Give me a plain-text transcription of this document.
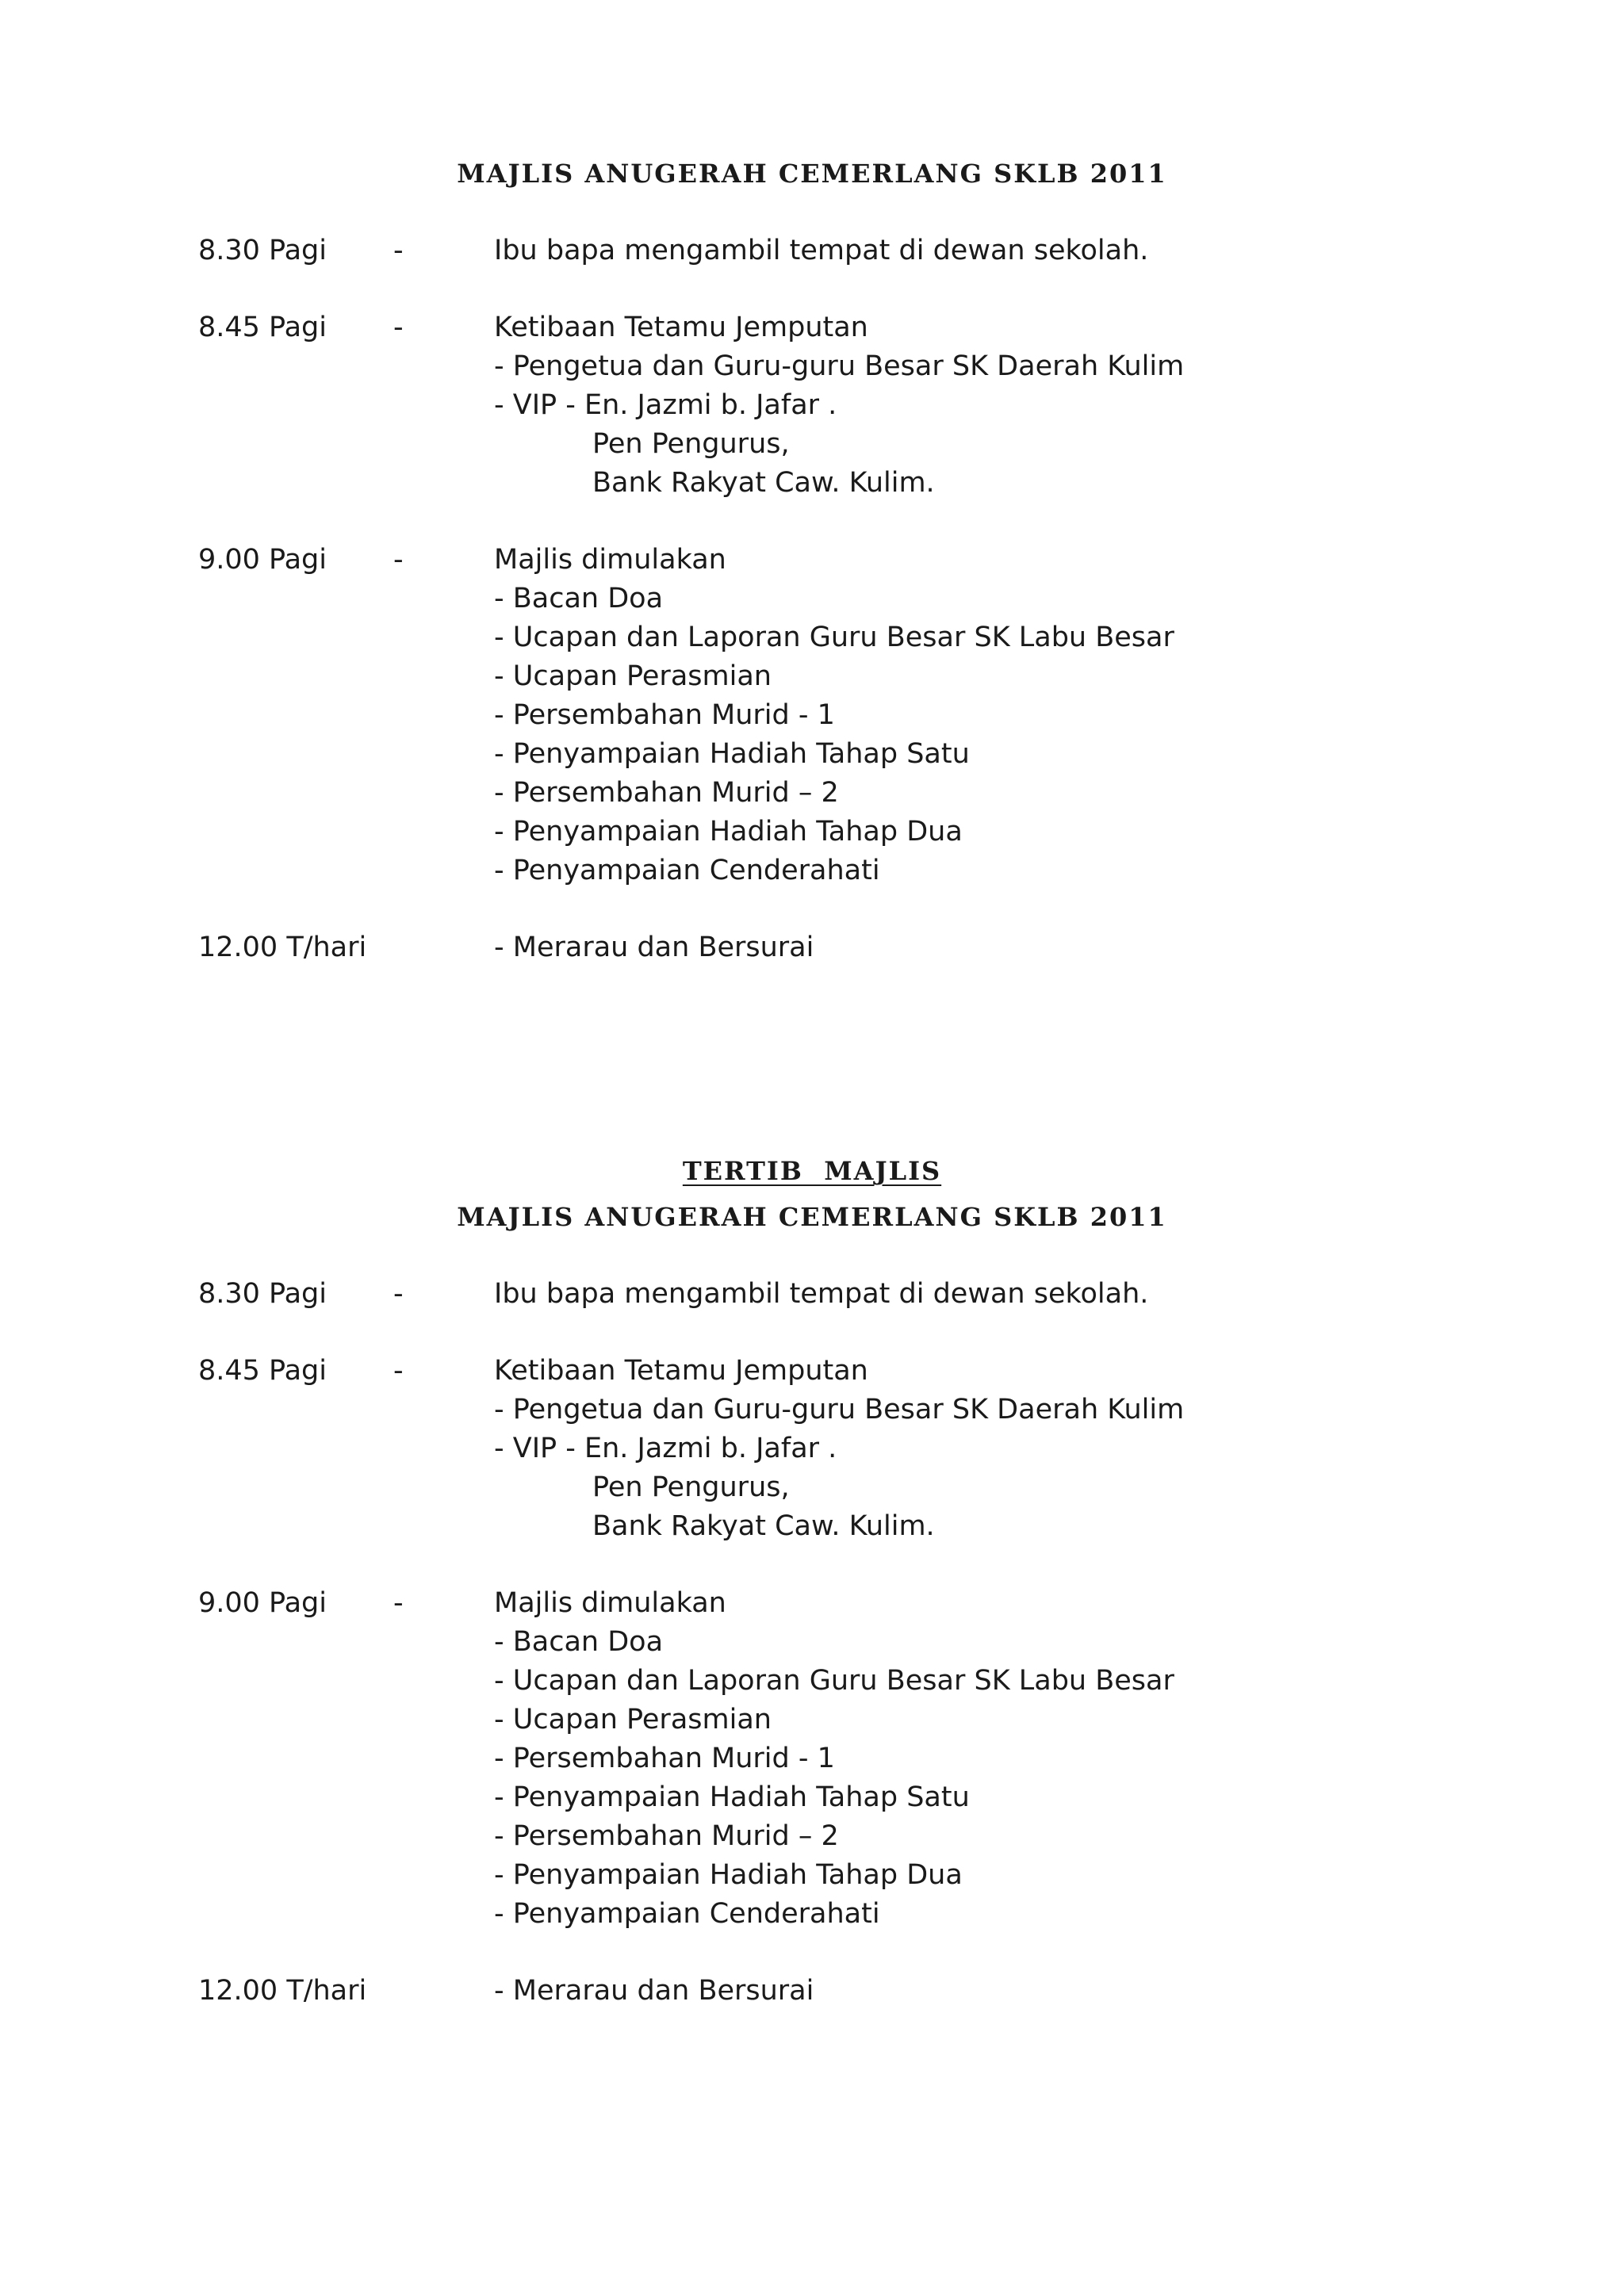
MAJLIS ANUGERAH CEMERLANG SKLB 2011
8.30 Pagi	-	Ibu bapa mengambil tempat di dewan sekolah.
8.45 Pagi	-	Ketibaan Tetamu Jemputan
- Pengetua dan Guru-guru Besar SK Daerah Kulim
- VIP - En. Jazmi b. Jafar .
Pen Pengurus,
Bank Rakyat Caw. Kulim.
9.00 Pagi	-	Majlis dimulakan
- Bacan Doa
- Ucapan dan Laporan Guru Besar SK Labu Besar
- Ucapan Perasmian
- Persembahan Murid - 1
- Penyampaian Hadiah Tahap Satu
- Persembahan Murid – 2
- Penyampaian Hadiah Tahap Dua
- Penyampaian Cenderahati
12.00 T/hari	- Merarau dan Bersurai
TERTIB  MAJLIS
MAJLIS ANUGERAH CEMERLANG SKLB 2011
8.30 Pagi	-	Ibu bapa mengambil tempat di dewan sekolah.
8.45 Pagi	-	Ketibaan Tetamu Jemputan
- Pengetua dan Guru-guru Besar SK Daerah Kulim
- VIP - En. Jazmi b. Jafar .
Pen Pengurus,
Bank Rakyat Caw. Kulim.
9.00 Pagi	-	Majlis dimulakan
- Bacan Doa
- Ucapan dan Laporan Guru Besar SK Labu Besar
- Ucapan Perasmian
- Persembahan Murid - 1
- Penyampaian Hadiah Tahap Satu
- Persembahan Murid – 2
- Penyampaian Hadiah Tahap Dua
- Penyampaian Cenderahati
12.00 T/hari	- Merarau dan Bersurai
